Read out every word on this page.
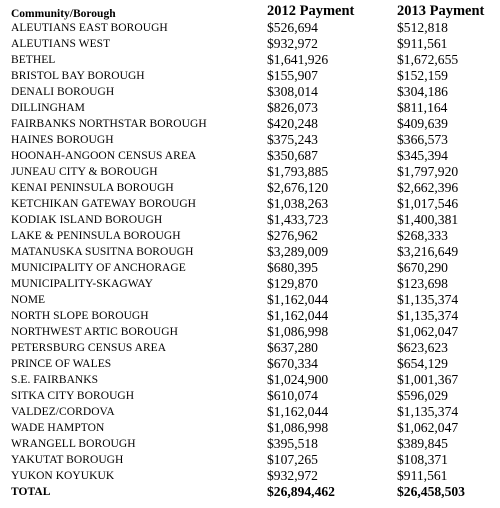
Community/Borough	2012 Payment	2013 Payment
ALEUTIANS EAST BOROUGH	$526,694	$512,818
ALEUTIANS WEST	$932,972	$911,561
BETHEL	$1,641,926	$1,672,655
BRISTOL BAY BOROUGH	$155,907	$152,159
DENALI BOROUGH	$308,014	$304,186
DILLINGHAM	$826,073	$811,164
FAIRBANKS NORTHSTAR BOROUGH	$420,248	$409,639
HAINES BOROUGH	$375,243	$366,573
HOONAH-ANGOON CENSUS AREA	$350,687	$345,394
JUNEAU CITY & BOROUGH	$1,793,885	$1,797,920
KENAI PENINSULA BOROUGH	$2,676,120	$2,662,396
KETCHIKAN GATEWAY BOROUGH	$1,038,263	$1,017,546
KODIAK ISLAND BOROUGH	$1,433,723	$1,400,381
LAKE & PENINSULA BOROUGH	$276,962	$268,333
MATANUSKA SUSITNA BOROUGH	$3,289,009	$3,216,649
MUNICIPALITY OF ANCHORAGE	$680,395	$670,290
MUNICIPALITY-SKAGWAY	$129,870	$123,698
NOME	$1,162,044	$1,135,374
NORTH SLOPE BOROUGH	$1,162,044	$1,135,374
NORTHWEST ARTIC BOROUGH	$1,086,998	$1,062,047
PETERSBURG CENSUS AREA	$637,280	$623,623
PRINCE OF WALES	$670,334	$654,129
S.E. FAIRBANKS	$1,024,900	$1,001,367
SITKA CITY BOROUGH	$610,074	$596,029
VALDEZ/CORDOVA	$1,162,044	$1,135,374
WADE HAMPTON	$1,086,998	$1,062,047
WRANGELL BOROUGH	$395,518	$389,845
YAKUTAT BOROUGH	$107,265	$108,371
YUKON KOYUKUK	$932,972	$911,561
TOTAL	$26,894,462	$26,458,503
